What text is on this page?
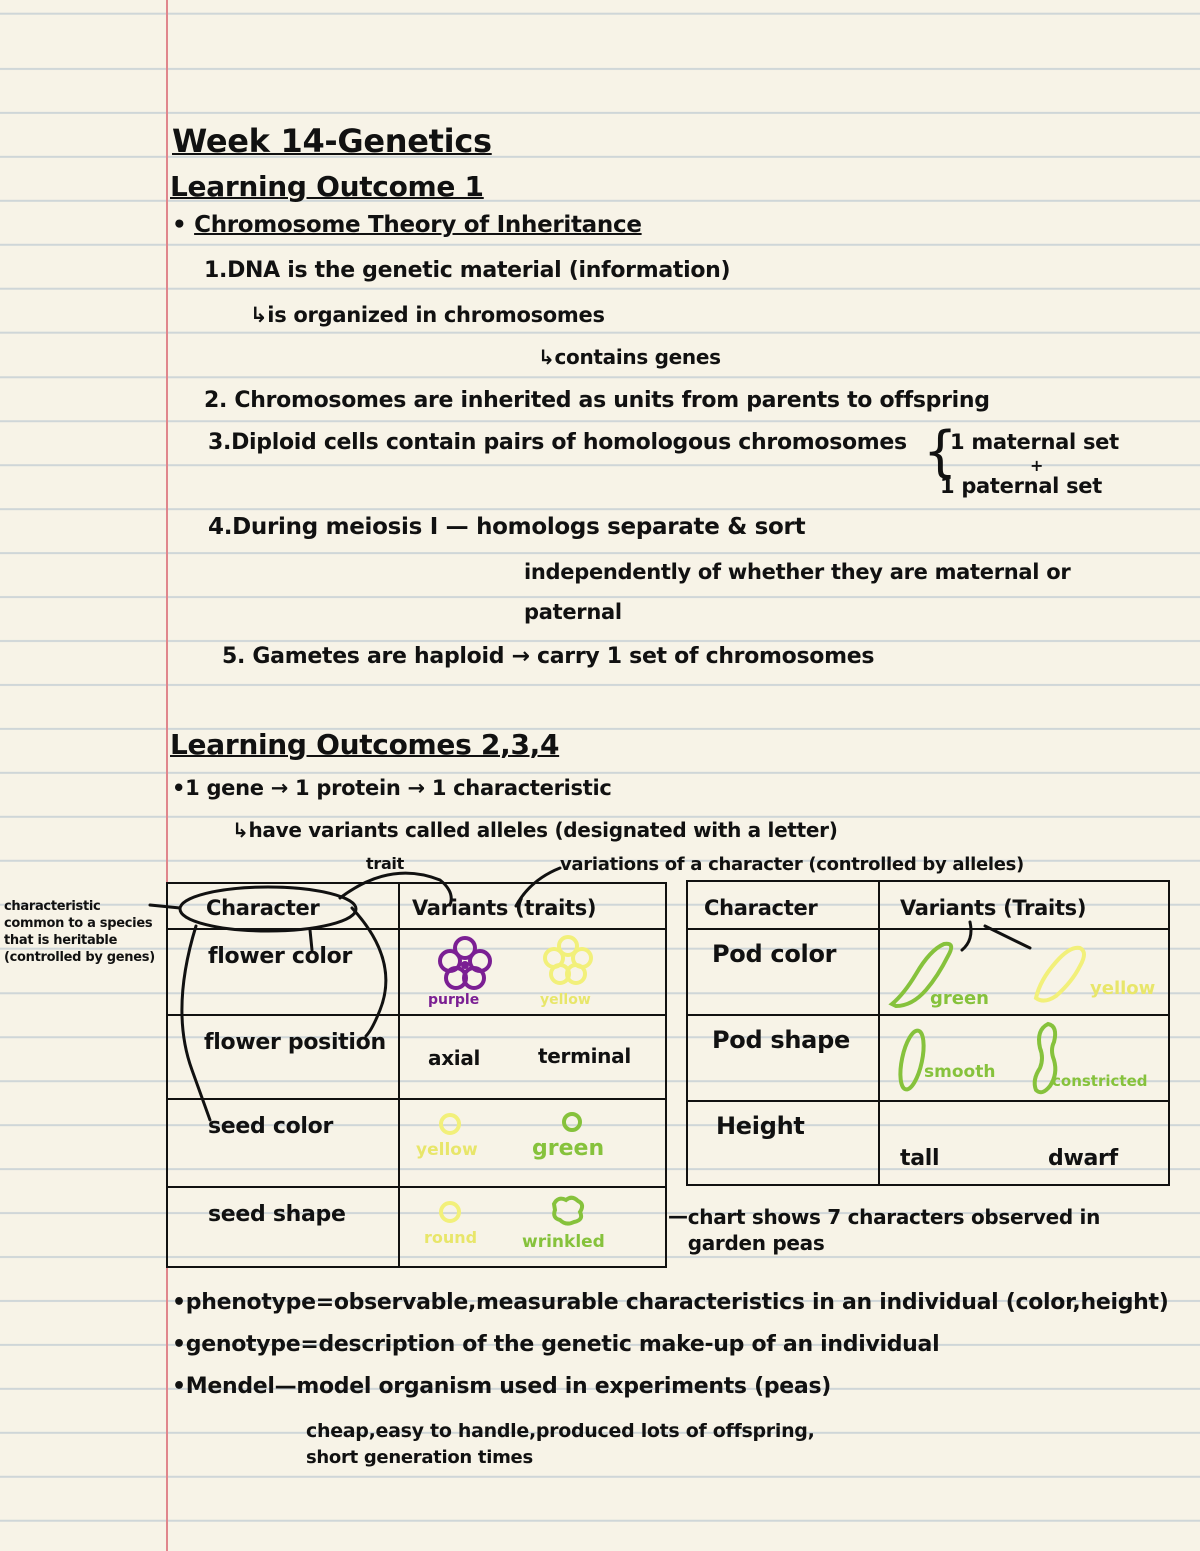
Week 14-Genetics
Learning Outcome 1
• Chromosome Theory of Inheritance
1.DNA is the genetic material (information)
↳is organized in chromosomes
↳contains genes
2. Chromosomes are inherited as units from parents to offspring
3.Diploid cells contain pairs of homologous chromosomes {
1 maternal set
+
1 paternal set
4.During meiosis I — homologs separate & sort
independently of whether they are maternal or
paternal
5. Gametes are haploid → carry 1 set of chromosomes
Learning Outcomes 2,3,4
•1 gene → 1 protein → 1 characteristic
↳have variants called alleles (designated with a letter)
trait	variations of a character (controlled by alleles)
characteristic common to a species that is heritable (controlled by genes)
Character	Variants (traits)

flower color	purple yellow

flower position	axial terminal

seed color	yellow green

seed shape	round wrinkled
Character	Variants (Traits)

Pod color	green yellow

Pod shape	smooth constricted

Height	tall dwarf
—chart shows 7 characters observed in garden peas
•phenotype=observable,measurable characteristics in an individual (color,height)
•genotype=description of the genetic make-up of an individual
•Mendel—model organism used in experiments (peas)
cheap,easy to handle,produced lots of offspring,
short generation times
